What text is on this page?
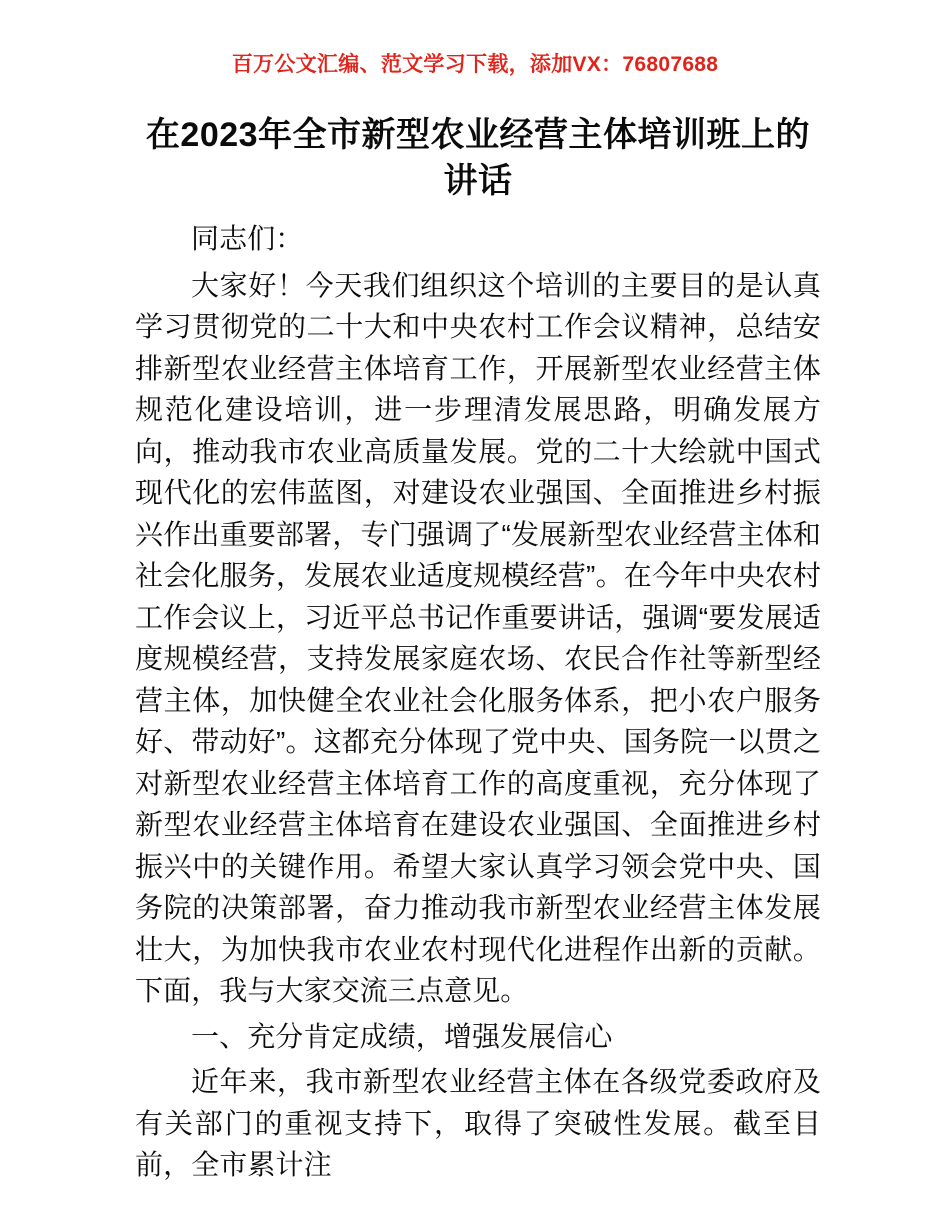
百万公文汇编、范文学习下载，添加VX：76807688
在2023年全市新型农业经营主体培训班上的讲话

同志们：

大家好！今天我们组织这个培训的主要目的是认真学习贯彻党的二十大和中央农村工作会议精神，总结安排新型农业经营主体培育工作，开展新型农业经营主体规范化建设培训，进一步理清发展思路，明确发展方向，推动我市农业高质量发展。党的二十大绘就中国式现代化的宏伟蓝图，对建设农业强国、全面推进乡村振兴作出重要部署，专门强调了“发展新型农业经营主体和社会化服务，发展农业适度规模经营”。在今年中央农村工作会议上，习近平总书记作重要讲话，强调“要发展适度规模经营，支持发展家庭农场、农民合作社等新型经营主体，加快健全农业社会化服务体系，把小农户服务好、带动好”。这都充分体现了党中央、国务院一以贯之对新型农业经营主体培育工作的高度重视，充分体现了新型农业经营主体培育在建设农业强国、全面推进乡村振兴中的关键作用。希望大家认真学习领会党中央、国务院的决策部署，奋力推动我市新型农业经营主体发展壮大，为加快我市农业农村现代化进程作出新的贡献。下面，我与大家交流三点意见。

一、充分肯定成绩，增强发展信心

近年来，我市新型农业经营主体在各级党委政府及有关部门的重视支持下，取得了突破性发展。截至目前，全市累计注
